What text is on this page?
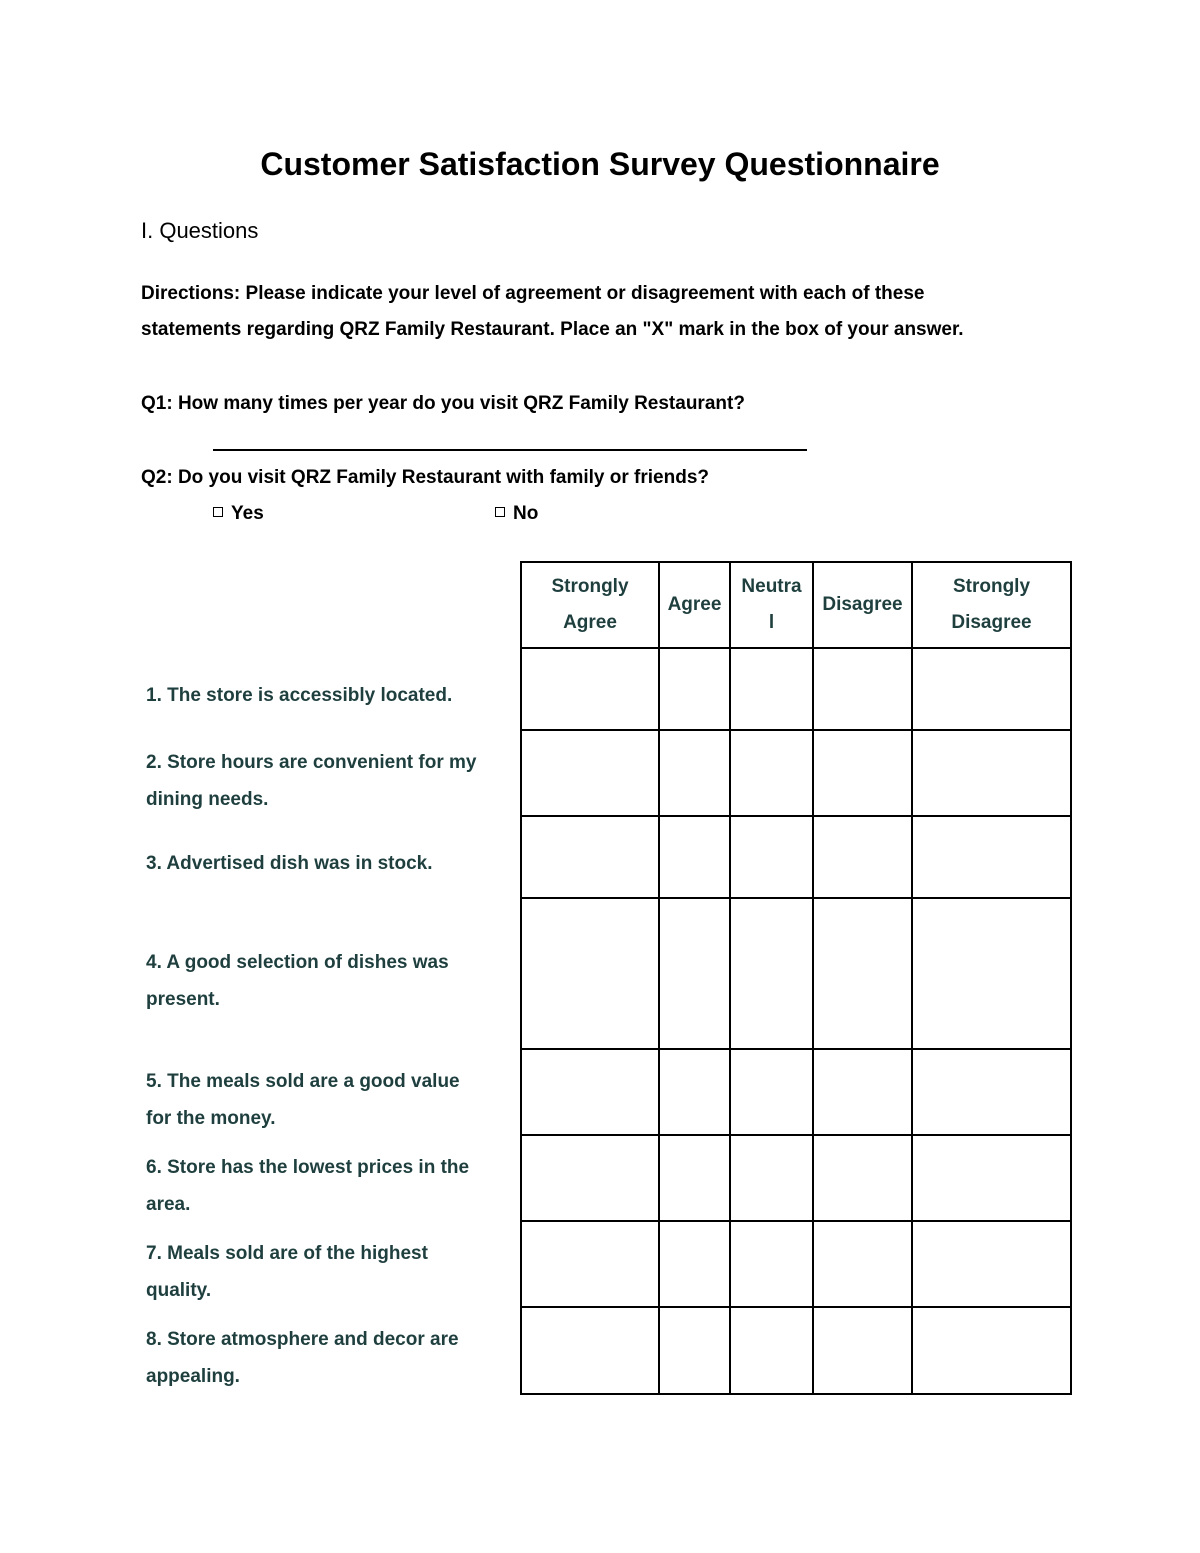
Customer Satisfaction Survey Questionnaire
I. Questions
Directions: Please indicate your level of agreement or disagreement with each of these
statements regarding QRZ Family Restaurant. Place an "X" mark in the box of your answer.
Q1: How many times per year do you visit QRZ Family Restaurant?
Q2: Do you visit QRZ Family Restaurant with family or friends?
Yes	No
Strongly
Agree
Agree
Neutra
l
Disagree
Strongly
Disagree
1. The store is accessibly located.
2. Store hours are convenient for my
dining needs.
3. Advertised dish was in stock.
4. A good selection of dishes was
present.
5. The meals sold are a good value
for the money.
6. Store has the lowest prices in the
area.
7. Meals sold are of the highest
quality.
8. Store atmosphere and decor are
appealing.
